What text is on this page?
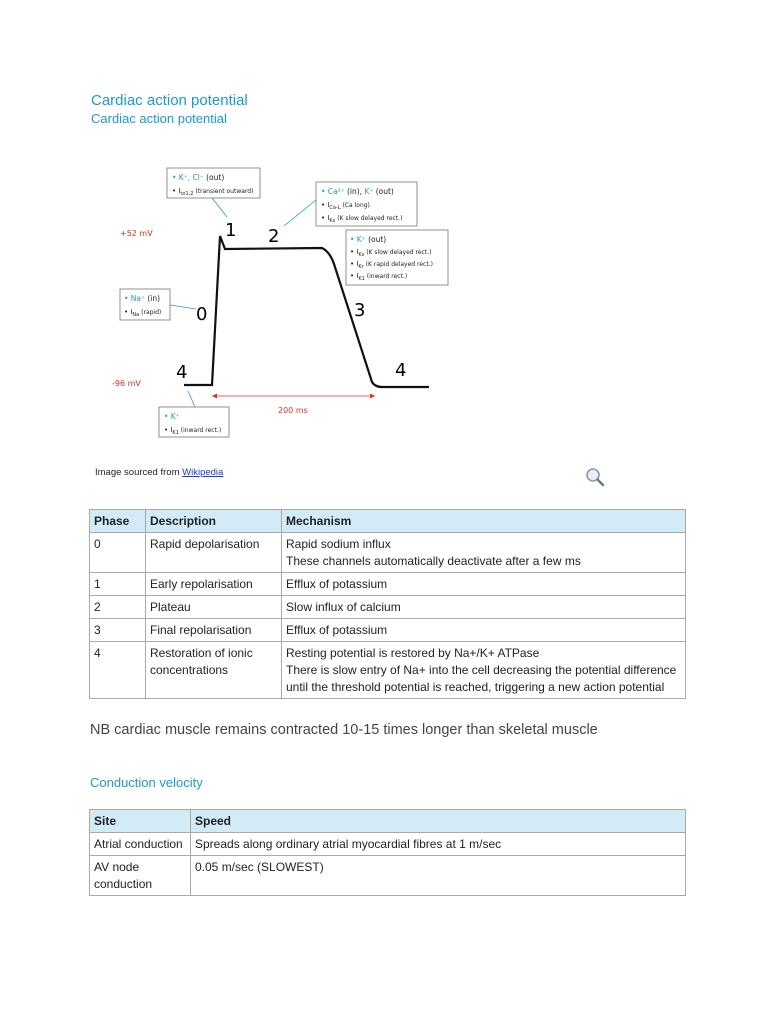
Cardiac action potential
Cardiac action potential
+52 mV
-96 mV
1 2
0	3
4	4
200 ms
• K⁺, Cl⁻ (out)
• $I_{to1,2}$ (transient outward)	• Ca²⁺ (in), K⁺ (out)
• $I_{Ca-L}$ (Ca long)
• $I_{Ks}$ (K slow delayed rect.)
• K⁺ (out)
• $I_{Ks}$ (K slow delayed rect.)
• $I_{Kr}$ (K rapid delayed rect.)
• $I_{K1}$ (inward rect.)
• Na⁺ (in)
• $I_{Na}$ (rapid)
• K⁺
• $I_{K1}$ (inward rect.)
Image sourced from Wikipedia
Phase	Description	Mechanism
0	Rapid depolarisation	Rapid sodium influx
These channels automatically deactivate after a few ms

1	Early repolarisation	Efflux of potassium
2	Plateau	Slow influx of calcium
3	Final repolarisation	Efflux of potassium
4	Restoration of ionic concentrations	Resting potential is restored by Na+/K+ ATPase
There is slow entry of Na+ into the cell decreasing the potential difference until the threshold potential is reached, triggering a new action potential

NB cardiac muscle remains contracted 10-15 times longer than skeletal muscle

Conduction velocity
Site	Speed
Atrial conduction	Spreads along ordinary atrial myocardial fibres at 1 m/sec
AV node conduction	0.05 m/sec (SLOWEST)
